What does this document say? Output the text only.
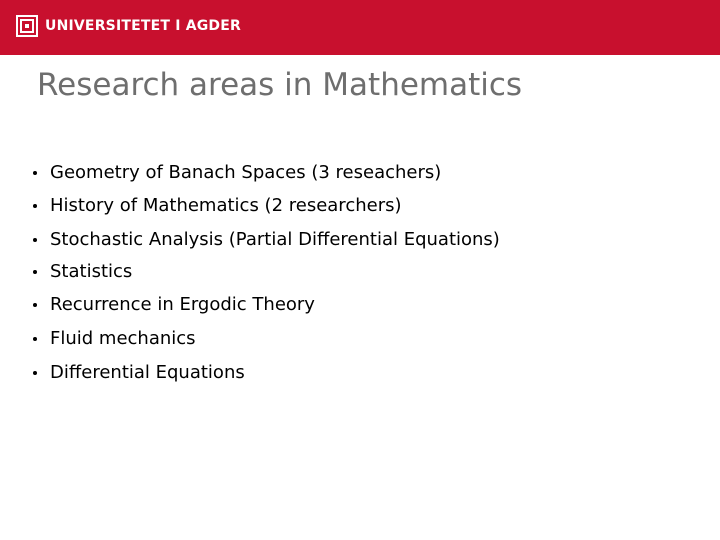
UNIVERSITETET I AGDER
Research areas in Mathematics
Geometry of Banach Spaces (3 reseachers)
History of Mathematics (2 researchers)
Stochastic Analysis (Partial Differential Equations)
Statistics
Recurrence in Ergodic Theory
Fluid mechanics
Differential Equations
